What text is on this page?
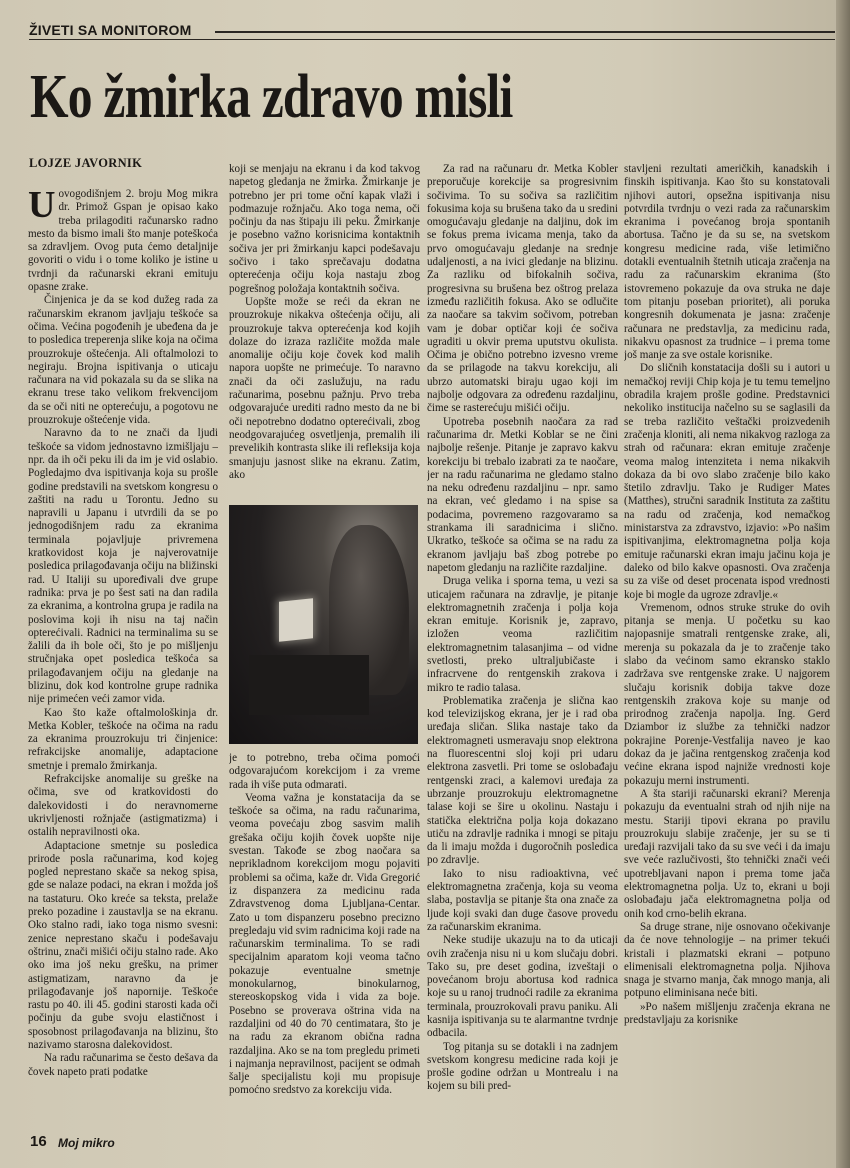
ŽIVETI SA MONITOROM
Ko žmirka zdravo misli
LOJZE JAVORNIK

Uovogodišnjem 2. broju Mog mikra dr. Primož Gspan je opisao kako treba prilagoditi računarsko radno mesto da bismo imali što manje poteškoća sa zdravljem. Ovog puta ćemo detaljnije govoriti o vidu i o tome koliko je istine u tvrdnji da računarski ekrani emituju opasne zrake.

Činjenica je da se kod dužeg rada za računarskim ekranom javljaju teškoće sa očima. Većina pogođenih je ubeđena da je to posledica treperenja slike koja na očima prouzrokuje oštećenja. Ali oftalmolozi to negiraju. Brojna ispitivanja o uticaju računara na vid pokazala su da se slika na ekranu trese tako velikom frekvencijom da se oči niti ne opterećuju, a pogotovu ne prouzrokuje oštećenje vida.

Naravno da to ne znači da ljudi teškoće sa vidom jednostavno izmišljaju – npr. da ih oči peku ili da im je vid oslabio. Pogledajmo dva ispitivanja koja su prošle godine predstavili na svetskom kongresu o zaštiti na radu u Torontu. Jedno su napravili u Japanu i utvrdili da se po jednogodišnjem radu za ekranima terminala pojavljuje privremena kratkovidost koja je najverovatnije posledica prilagođavanja očiju na bližinski rad. U Italiji su upoređivali dve grupe radnika: prva je po šest sati na dan radila za ekranima, a kontrolna grupa je radila na poslovima koji ih nisu na taj način opterećivali. Radnici na terminalima su se žalili da ih bole oči, što je po mišljenju stručnjaka opet posledica teškoća sa prilagođavanjem očiju na gledanje na blizinu, dok kod kontrolne grupe radnika nije primećen veći zamor vida.

Kao što kaže oftalmološkinja dr. Metka Kobler, teškoće na očima na radu za ekranima prouzrokuju tri činjenice: refrakcijske anomalije, adaptacione smetnje i premalo žmirkanja.

Refrakcijske anomalije su greške na očima, sve od kratkovidosti do dalekovidosti i do neravnomerne ukrivljenosti rožnjače (astigmatizma) i ostalih nepravilnosti oka.

Adaptacione smetnje su posledica prirode posla računarima, kod kojeg pogled neprestano skače sa nekog spisa, gde se nalaze podaci, na ekran i možda još na tastaturu. Oko kreće sa teksta, prelaže preko pozadine i zaustavlja se na ekranu. Oko stalno radi, iako toga nismo svesni: zenice neprestano skaču i podešavaju oštrinu, znači mišići očiju stalno rade. Ako oko ima još neku grešku, na primer astigmatizam, naravno da je prilagođavanje još napornije. Teškoće rastu po 40. ili 45. godini starosti kada oči počinju da gube svoju elastičnost i sposobnost prilagođavanja na blizinu, što nazivamo starosna dalekovidost.

Na radu računarima se često dešava da čovek napeto prati podatke

koji se menjaju na ekranu i da kod takvog napetog gledanja ne žmirka. Žmirkanje je potrebno jer pri tome oční kapak vlaži i podmazuje rožnjaču. Ako toga nema, oči počinju da nas štipaju ili peku. Žmirkanje je posebno važno korisnicima kontaktnih sočiva jer pri žmirkanju kapci podešavaju sočivo i tako sprečavaju dodatna opterećenja očiju koja nastaju zbog pogrešnog položaja kontaktnih sočiva.

Uopšte može se reći da ekran ne prouzrokuje nikakva oštećenja očiju, ali prouzrokuje takva opterećenja kod kojih dolaze do izraza različite možda male anomalije očiju koje čovek kod malih napora uopšte ne primećuje. To naravno znači da oči zaslužuju, na radu računarima, posebnu pažnju. Prvo treba odgovarajuće urediti radno mesto da ne bi oči nepotrebno dodatno opterećivali, zbog neodgovarajućeg osvetljenja, premalih ili prevelikih kontrasta slike ili refleksija koja smanjuju jasnost slike na ekranu. Zatim, ako

je to potrebno, treba očima pomoći odgovarajućom korekcijom i za vreme rada ih više puta odmarati.

Veoma važna je konstatacija da se teškoće sa očima, na radu računarima, veoma povećaju zbog sasvim malih grešaka očiju kojih čovek uopšte nije svestan. Takođe se zbog naočara sa neprikladnom korekcijom mogu pojaviti problemi sa očima, kaže dr. Vida Gregorić iz dispanzera za medicinu rada Zdravstvenog doma Ljubljana-Centar. Zato u tom dispanzeru posebno precizno pregledaju vid svim radnicima koji rade na računarskim terminalima. To se radi specijalnim aparatom koji veoma tačno pokazuje eventualne smetnje monokularnog, binokularnog, stereoskopskog vida i vida za boje. Posebno se proverava oštrina vida na razdaljini od 40 do 70 centimatara, što je na radu za ekranom obična radna razdaljina. Ako se na tom pregledu primeti i najmanja nepravilnost, pacijent se odmah šalje specijalistu koji mu propisuje pomoćno sredstvo za korekciju vida.

Za rad na računaru dr. Metka Kobler preporučuje korekcije sa progresivnim sočivima. To su sočiva sa različitim fokusima koja su brušena tako da u sredini omogućavaju gledanje na daljinu, dok im se fokus prema ivicama menja, tako da prvo omogućavaju gledanje na srednje udaljenosti, a na ivici gledanje na blizinu. Za razliku od bifokalnih sočiva, progresivna su brušena bez oštrog prelaza između različitih fokusa. Ako se odlučite za naočare sa takvim sočivom, potreban vam je dobar optičar koji će sočiva ugraditi u okvir prema uputstvu okulista. Očima je obično potrebno izvesno vreme da se prilagode na takvu korekciju, ali ubrzo automatski biraju ugao koji im najbolje odgovara za određenu razdaljinu, čime se rasterećuju mišići očiju.

Upotreba posebnih naočara za rad računarima dr. Metki Koblar se ne čini najbolje rešenje. Pitanje je zapravo kakvu korekciju bi trebalo izabrati za te naočare, jer na radu računarima ne gledamo stalno na neku određenu razdaljinu – npr. samo na ekran, već gledamo i na spise sa podacima, povremeno razgovaramo sa strankama ili saradnicima i slično. Ukratko, teškoće sa očima se na radu za ekranom javljaju baš zbog potrebe po napetom gledanju na različite razdaljine.

Druga velika i sporna tema, u vezi sa uticajem računara na zdravlje, je pitanje elektromagnetnih zračenja i polja koja ekran emituje. Korisnik je, zapravo, izložen veoma različitim elektromagnetnim talasanjima – od vidne svetlosti, preko ultraljubičaste i infracrvene do rentgenskih zrakova i mikro te radio talasa.

Problematika zračenja je slična kao kod televizijskog ekrana, jer je i rad oba uređaja sličan. Slika nastaje tako da elektromagneti usmeravaju snop elektrona na fluorescentni sloj koji pri udaru elektrona zasvetli. Pri tome se oslobađaju rentgenski zraci, a kalemovi uređaja za ubrzanje prouzrokuju elektromagnetne talase koji se šire u okolinu. Nastaju i statička električna polja koja dokazano utiču na zdravlje radnika i mnogi se pitaju da li imaju možda i dugoročnih posledica po zdravlje.

Iako to nisu radioaktivna, već elektromagnetna zračenja, koja su veoma slaba, postavlja se pitanje šta ona znače za ljude koji svaki dan duge časove provedu za računarskim ekranima.

Neke studije ukazuju na to da uticaji ovih zračenja nisu ni u kom slučaju dobri. Tako su, pre deset godina, izveštaji o povećanom broju abortusa kod radnica koje su u ranoj trudnoći radile za ekranima terminala, prouzrokovali pravu paniku. Ali kasnija ispitivanja su te alarmantne tvrdnje odbacila.

Tog pitanja su se dotakli i na zadnjem svetskom kongresu medicine rada koji je prošle godine održan u Montrealu i na kojem su bili pred-

stavljeni rezultati američkih, kanadskih i finskih ispitivanja. Kao što su konstatovali njihovi autori, opsežna ispitivanja nisu potvrdila tvrdnju o vezi rada za računarskim ekranima i povećanog broja spontanih abortusa. Tačno je da su se, na svetskom kongresu medicine rada, više letimično dotakli eventualnih štetnih uticaja zračenja na radu za računarskim ekranima (što istovremeno pokazuje da ova struka ne daje tom pitanju poseban prioritet), ali poruka kongresnih dokumenata je jasna: zračenje računara ne predstavlja, za medicinu rada, nikakvu opasnost za trudnice – i prema tome još manje za sve ostale korisnike.

Do sličnih konstatacija došli su i autori u nemačkoj reviji Chip koja je tu temu temeljno obradila krajem prošle godine. Predstavnici nekoliko institucija načelno su se saglasili da se treba različito veštački proizvedenih zračenja kloniti, ali nema nikakvog razloga za strah od računara: ekran emituje zračenje veoma malog intenziteta i nema nikakvih dokaza da bi ovo slabo zračenje bilo kako štetilo zdravlju. Tako je Rudiger Mates (Matthes), stručni saradnik Instituta za zaštitu na radu od zračenja, kod nemačkog ministarstva za zdravstvo, izjavio: »Po našim ispitivanjima, elektromagnetna polja koja emituje računarski ekran imaju jačinu koja je daleko od bilo kakve opasnosti. Ova zračenja su za više od deset procenata ispod vrednosti koje bi mogle da ugroze zdravlje.«

Vremenom, odnos struke struke do ovih pitanja se menja. U početku su kao najopasnije smatrali rentgenske zrake, ali, merenja su pokazala da je to zračenje tako slabo da većinom samo ekransko staklo zadržava sve rentgenske zrake. U najgorem slučaju korisnik dobija takve doze rentgenskih zrakova koje su manje od prirodnog zračenja napolja. Ing. Gerd Dziambor iz službe za tehnički nadzor pokrajine Porenje-Vestfalija naveo je kao dokaz da je jačina rentgenskog zračenja kod većine ekrana ispod najniže vrednosti koje pokazuju merni instrumenti.

A šta stariji računarski ekrani? Merenja pokazuju da eventualni strah od njih nije na mestu. Stariji tipovi ekrana po pravilu prouzrokuju slabije zračenje, jer su se ti uređaji razvijali tako da su sve veći i da imaju sve veće razlučivosti, što tehnički znači veći upotrebljavani napon i prema tome jača elektromagnetna polja. Uz to, ekrani u boji oslobađaju jača elektromagnetna polja od onih kod crno-belih ekrana.

Sa druge strane, nije osnovano očekivanje da će nove tehnologije – na primer tekući kristali i plazmatski ekrani – potpuno elimenisali elektromagnetna polja. Njihova snaga je stvarno manja, čak mnogo manja, ali potpuno eliminisana neće biti.

»Po našem mišljenju zračenja ekrana ne predstavljaju za korisnike

16 Moj mikro
